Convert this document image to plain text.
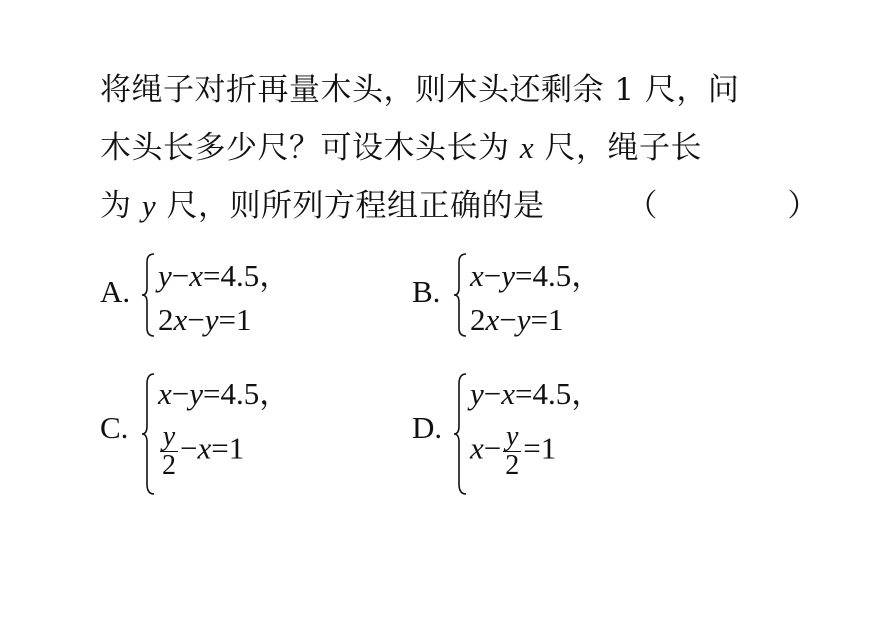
将绳子对折再量木头，则木头还剩余 1 尺，问
木头长多少尺？可设木头长为 x 尺，绳子长
为 y 尺，则所列方程组正确的是	（ ）
A. y−x=4.5，
2x−y=1
B. x−y=4.5，
2x−y=1
C.
x−y=4.5，
$\frac{y}{2} -x=1$
D.
y−x=4.5，
$x- \frac{y}{2} =1$
